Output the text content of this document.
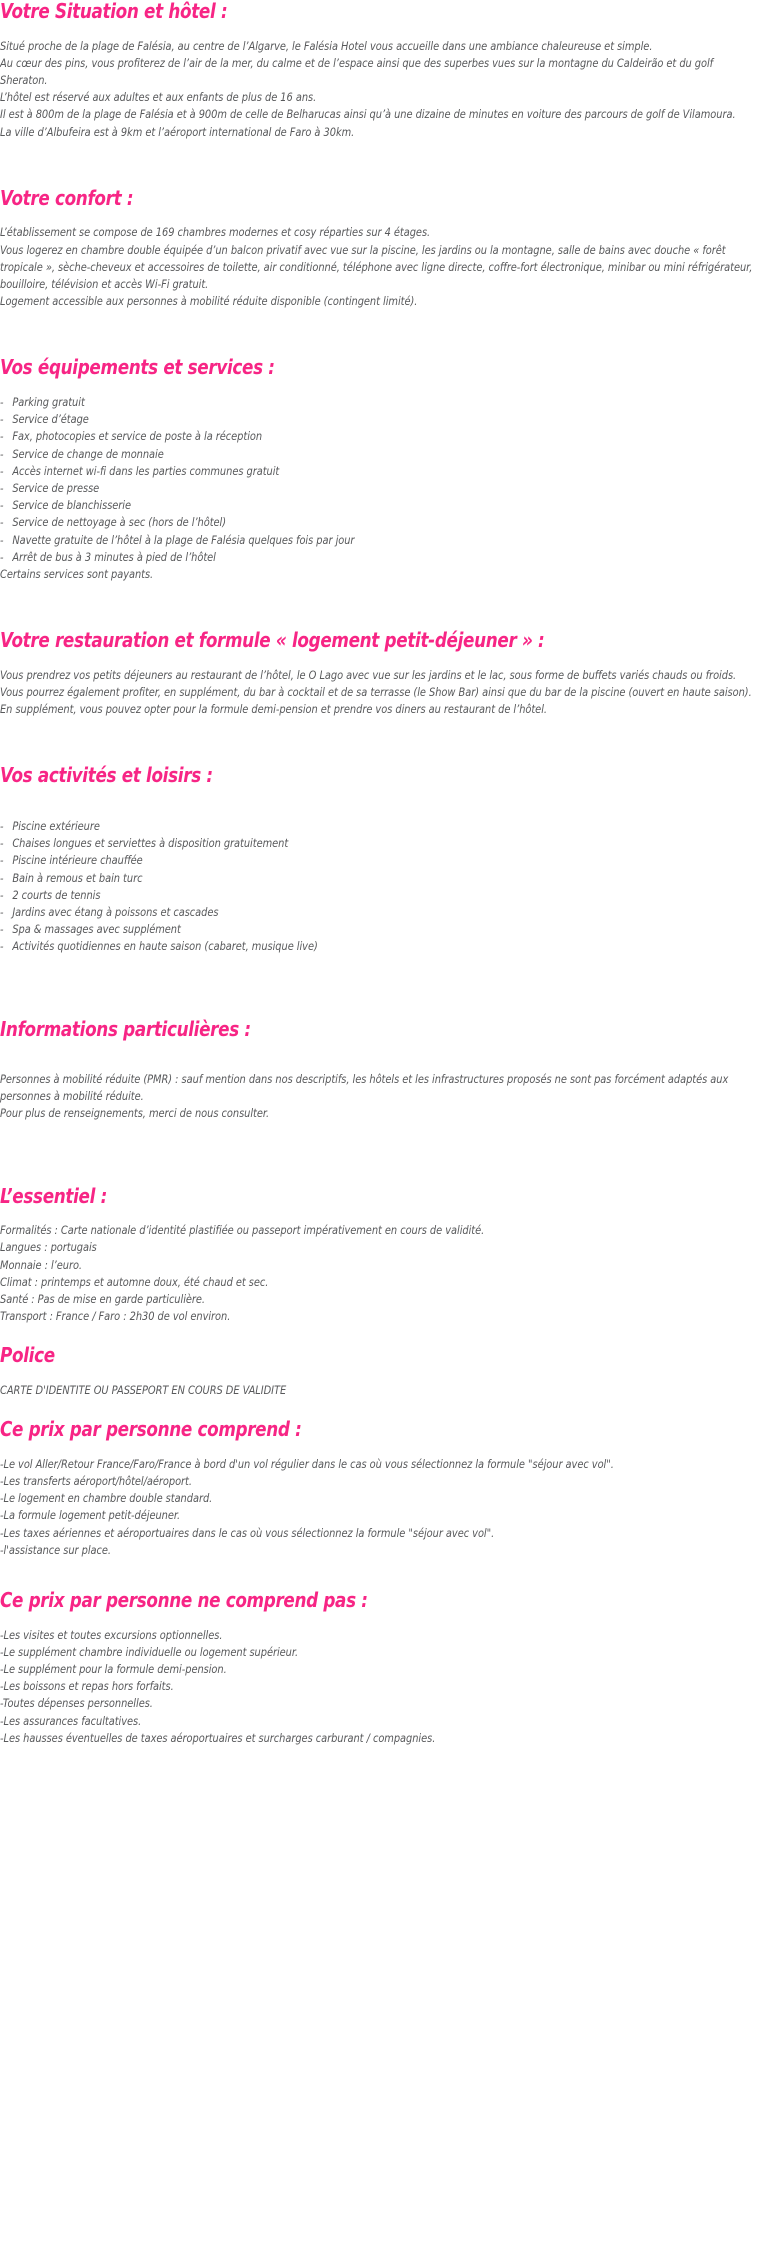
Votre Situation et hôtel :

Situé proche de la plage de Falésia, au centre de l’Algarve, le Falésia Hotel vous accueille dans une ambiance chaleureuse et simple.

Au cœur des pins, vous profiterez de l’air de la mer, du calme et de l’espace ainsi que des superbes vues sur la montagne du Caldeirão et du golf Sheraton.

L’hôtel est réservé aux adultes et aux enfants de plus de 16 ans.

Il est à 800m de la plage de Falésia et à 900m de celle de Belharucas ainsi qu’à une dizaine de minutes en voiture des parcours de golf de Vilamoura.

La ville d’Albufeira est à 9km et l’aéroport international de Faro à 30km.

Votre confort :

L’établissement se compose de 169 chambres modernes et cosy réparties sur 4 étages.

Vous logerez en chambre double équipée d’un balcon privatif avec vue sur la piscine, les jardins ou la montagne, salle de bains avec douche « forêt tropicale », sèche-cheveux et accessoires de toilette, air conditionné, téléphone avec ligne directe, coffre-fort électronique, minibar ou mini réfrigérateur, bouilloire, télévision et accès Wi-Fi gratuit.

Logement accessible aux personnes à mobilité réduite disponible (contingent limité).

Vos équipements et services :
- Parking gratuit
- Service d’étage
- Fax, photocopies et service de poste à la réception
- Service de change de monnaie
- Accès internet wi-fi dans les parties communes gratuit
- Service de presse
- Service de blanchisserie
- Service de nettoyage à sec (hors de l’hôtel)
- Navette gratuite de l’hôtel à la plage de Falésia quelques fois par jour
- Arrêt de bus à 3 minutes à pied de l’hôtel

Certains services sont payants.

Votre restauration et formule « logement petit-déjeuner » :

Vous prendrez vos petits déjeuners au restaurant de l’hôtel, le O Lago avec vue sur les jardins et le lac, sous forme de buffets variés chauds ou froids.

Vous pourrez également profiter, en supplément, du bar à cocktail et de sa terrasse (le Show Bar) ainsi que du bar de la piscine (ouvert en haute saison).

En supplément, vous pouvez opter pour la formule demi-pension et prendre vos diners au restaurant de l’hôtel.

Vos activités et loisirs :
- Piscine extérieure
- Chaises longues et serviettes à disposition gratuitement
- Piscine intérieure chauffée
- Bain à remous et bain turc
- 2 courts de tennis
- Jardins avec étang à poissons et cascades
- Spa & massages avec supplément
- Activités quotidiennes en haute saison (cabaret, musique live)
Informations particulières :

Personnes à mobilité réduite (PMR) : sauf mention dans nos descriptifs, les hôtels et les infrastructures proposés ne sont pas forcément adaptés aux personnes à mobilité réduite.

Pour plus de renseignements, merci de nous consulter.

L’essentiel :

Formalités : Carte nationale d’identité plastifiée ou passeport impérativement en cours de validité.

Langues : portugais

Monnaie : l’euro.

Climat : printemps et automne doux, été chaud et sec.

Santé : Pas de mise en garde particulière.

Transport : France / Faro : 2h30 de vol environ.

Police

CARTE D'IDENTITE OU PASSEPORT EN COURS DE VALIDITE

Ce prix par personne comprend :

-Le vol Aller/Retour France/Faro/France à bord d'un vol régulier dans le cas où vous sélectionnez la formule "séjour avec vol".

-Les transferts aéroport/hôtel/aéroport.

-Le logement en chambre double standard.

-La formule logement petit-déjeuner.

-Les taxes aériennes et aéroportuaires dans le cas où vous sélectionnez la formule "séjour avec vol".

-l'assistance sur place.

Ce prix par personne ne comprend pas :

-Les visites et toutes excursions optionnelles.

-Le supplément chambre individuelle ou logement supérieur.

-Le supplément pour la formule demi-pension.

-Les boissons et repas hors forfaits.

-Toutes dépenses personnelles.

-Les assurances facultatives.

-Les hausses éventuelles de taxes aéroportuaires et surcharges carburant / compagnies.
